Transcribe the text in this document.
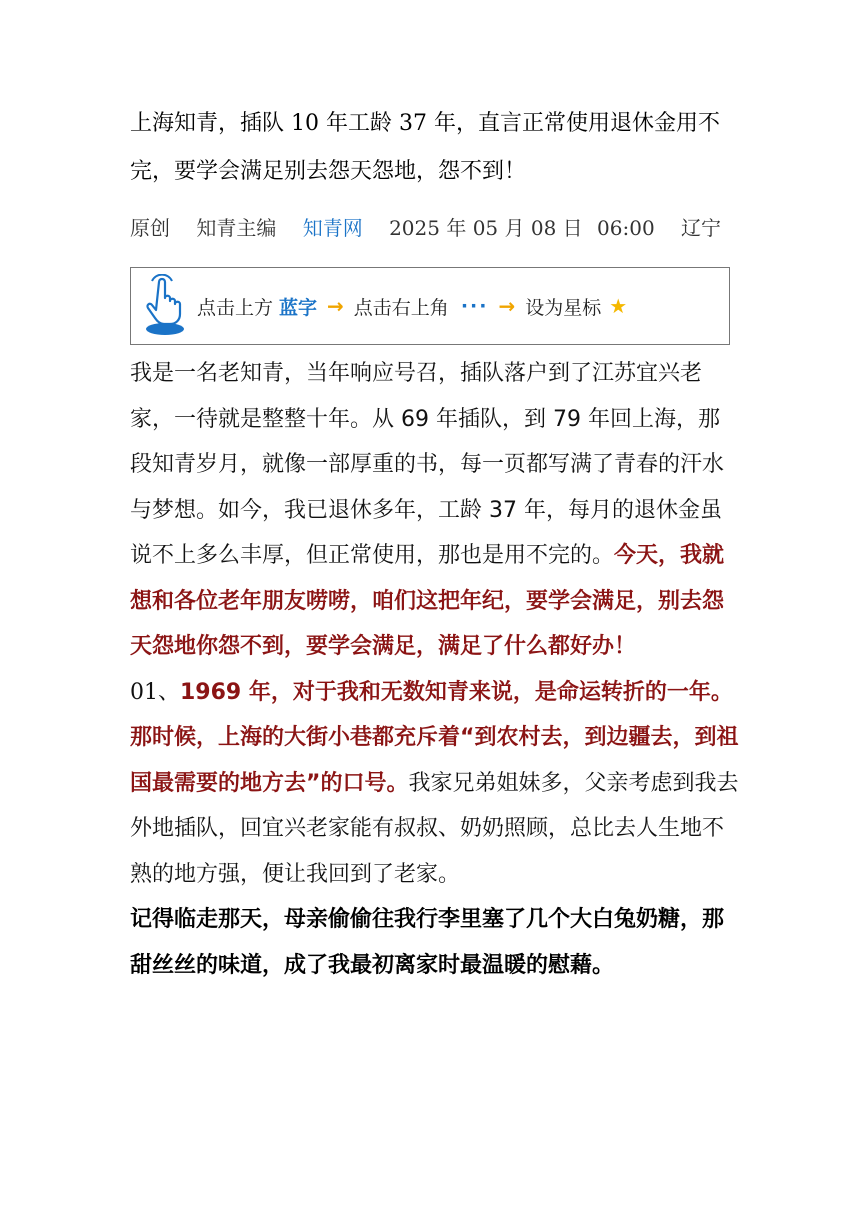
上海知青，插队 10 年工龄 37 年，直言正常使用退休金用不完，要学会满足别去怨天怨地，怨不到！
原创 知青主编 知青网 2025 年 05 月 08 日 06:00 辽宁
点击上方 蓝字 → 点击右上角 ··· → 设为星标 ★

我是一名老知青，当年响应号召，插队落户到了江苏宜兴老家，一待就是整整十年。从 69 年插队，到 79 年回上海，那段知青岁月，就像一部厚重的书，每一页都写满了青春的汗水与梦想。如今，我已退休多年，工龄 37 年，每月的退休金虽说不上多么丰厚，但正常使用，那也是用不完的。今天，我就想和各位老年朋友唠唠，咱们这把年纪，要学会满足，别去怨天怨地你怨不到，要学会满足，满足了什么都好办！

01、1969 年，对于我和无数知青来说，是命运转折的一年。那时候，上海的大街小巷都充斥着“到农村去，到边疆去，到祖国最需要的地方去”的口号。我家兄弟姐妹多，父亲考虑到我去外地插队，回宜兴老家能有叔叔、奶奶照顾，总比去人生地不熟的地方强，便让我回到了老家。

记得临走那天，母亲偷偷往我行李里塞了几个大白兔奶糖，那甜丝丝的味道，成了我最初离家时最温暖的慰藉。
